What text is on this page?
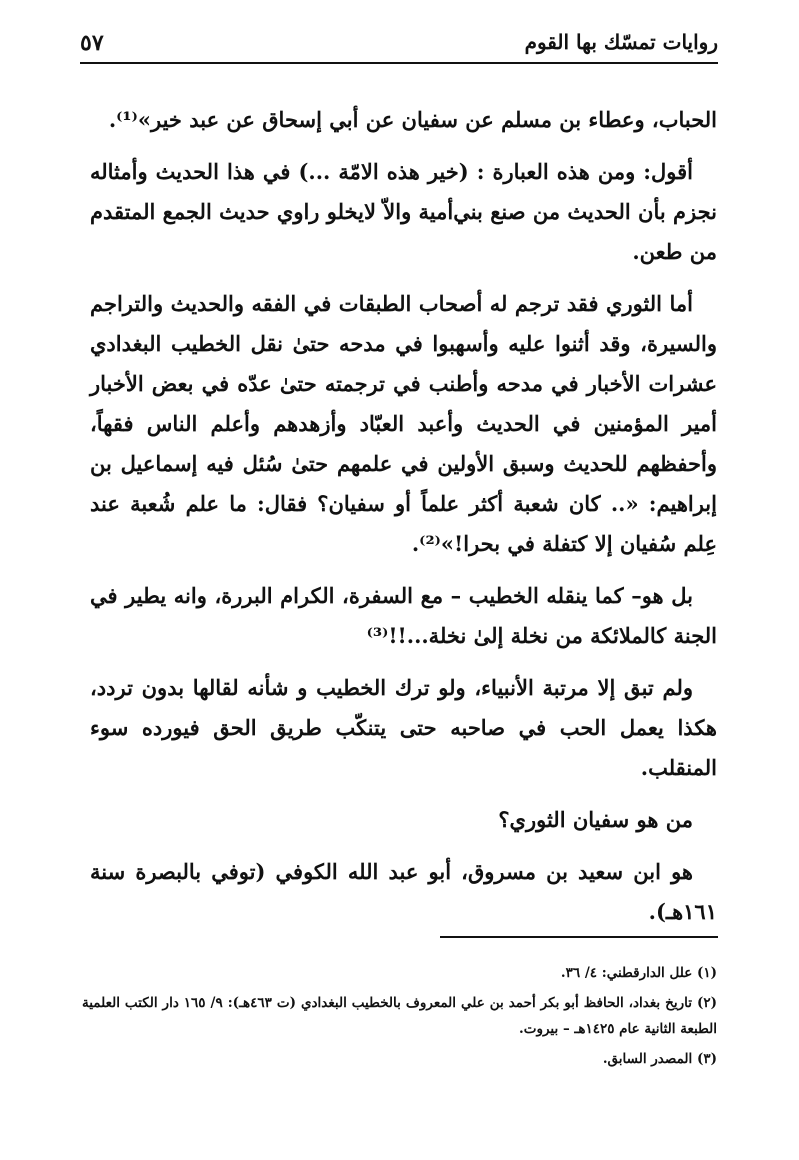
روايات تمسّك بها القوم
٥٧

الحباب، وعطاء بن مسلم عن سفيان عن أبي إسحاق عن عبد خير»⁽¹⁾.

أقول: ومن هذه العبارة : (خير هذه الامّة ...) في هذا الحديث وأمثاله نجزم بأن الحديث من صنع بني‌أمية والاّ لايخلو راوي حديث الجمع المتقدم من طعن.

أما الثوري فقد ترجم له أصحاب الطبقات في الفقه والحديث والتراجم والسيرة، وقد أثنوا عليه وأسهبوا في مدحه حتىٰ نقل الخطيب البغدادي عشرات الأخبار في مدحه وأطنب في ترجمته حتىٰ عدّه في بعض الأخبار أمير المؤمنين في الحديث وأعبد العبّاد وأزهدهم وأعلم الناس فقهاً، وأحفظهم للحديث وسبق الأولين في علمهم حتىٰ سُئل فيه إسماعيل بن إبراهيم: «.. كان شعبة أكثر علماً أو سفيان؟ فقال: ما علم شُعبة عند عِلم سُفيان إلا كتفلة في بحرا!»⁽²⁾.

بل هو– كما ينقله الخطيب – مع السفرة، الكرام البررة، وانه يطير في الجنة كالملائكة من نخلة إلىٰ نخلة...!!⁽³⁾

ولم تبق إلا مرتبة الأنبياء، ولو ترك الخطيب و شأنه لقالها بدون تردد، هكذا يعمل الحب في صاحبه حتى يتنكّب طريق الحق فيورده سوء المنقلب.

من هو سفيان الثوري؟

هو ابن سعيد بن مسروق، أبو عبد الله الكوفي (توفي بالبصرة سنة ١٦١هـ).

(١) علل الدارقطني: ٤/ ٣٦.

(٢) تاريخ بغداد، الحافظ أبو بكر أحمد بن علي المعروف بالخطيب البغدادي (ت ٤٦٣هـ): ٩/ ١٦٥ دار الكتب العلمية الطبعة الثانية عام ١٤٢٥هـ – بيروت.

(٣) المصدر السابق.
